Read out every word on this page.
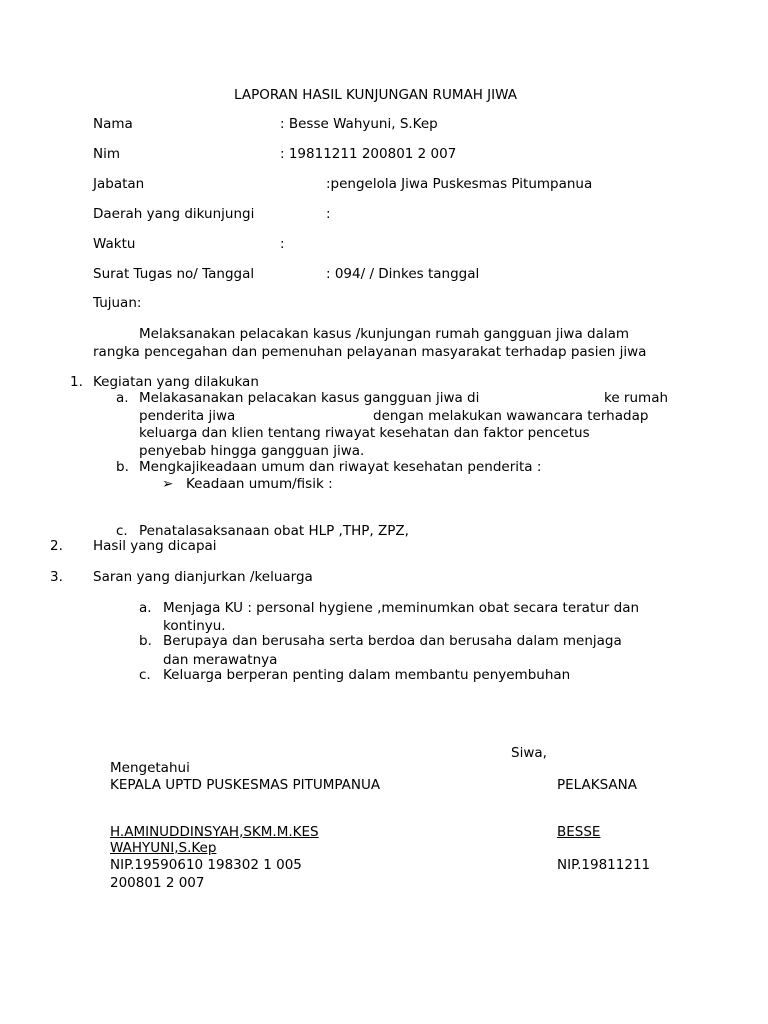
LAPORAN HASIL KUNJUNGAN RUMAH JIWA
Nama	: Besse Wahyuni, S.Kep
Nim	: 19811211 200801 2 007
Jabatan	:pengelola Jiwa Puskesmas Pitumpanua
Daerah yang dikunjungi	:
Waktu	:
Surat Tugas no/ Tanggal	: 094/ / Dinkes tanggal
Tujuan:
Melaksanakan pelacakan kasus /kunjungan rumah gangguan jiwa dalam
rangka pencegahan dan pemenuhan pelayanan masyarakat terhadap pasien jiwa
1. Kegiatan yang dilakukan
a. Melakasanakan pelacakan kasus gangguan jiwa di	ke rumah
penderita jiwa	dengan melakukan wawancara terhadap
keluarga dan klien tentang riwayat kesehatan dan faktor pencetus
penyebab hingga gangguan jiwa.
b. Mengkajikeadaan umum dan riwayat kesehatan penderita :
➢ Keadaan umum/fisik :
c. Penatalasaksanaan obat HLP ,THP, ZPZ,
2. Hasil yang dicapai
3. Saran yang dianjurkan /keluarga
a. Menjaga KU : personal hygiene ,meminumkan obat secara teratur dan
kontinyu.
b. Berupaya dan berusaha serta berdoa dan berusaha dalam menjaga
dan merawatnya
c. Keluarga berperan penting dalam membantu penyembuhan
Siwa,
Mengetahui
KEPALA UPTD PUSKESMAS PITUMPANUA	PELAKSANA
H.AMINUDDINSYAH,SKM.M.KES	BESSE
WAHYUNI,S.Kep
NIP.19590610 198302 1 005	NIP.19811211
200801 2 007
